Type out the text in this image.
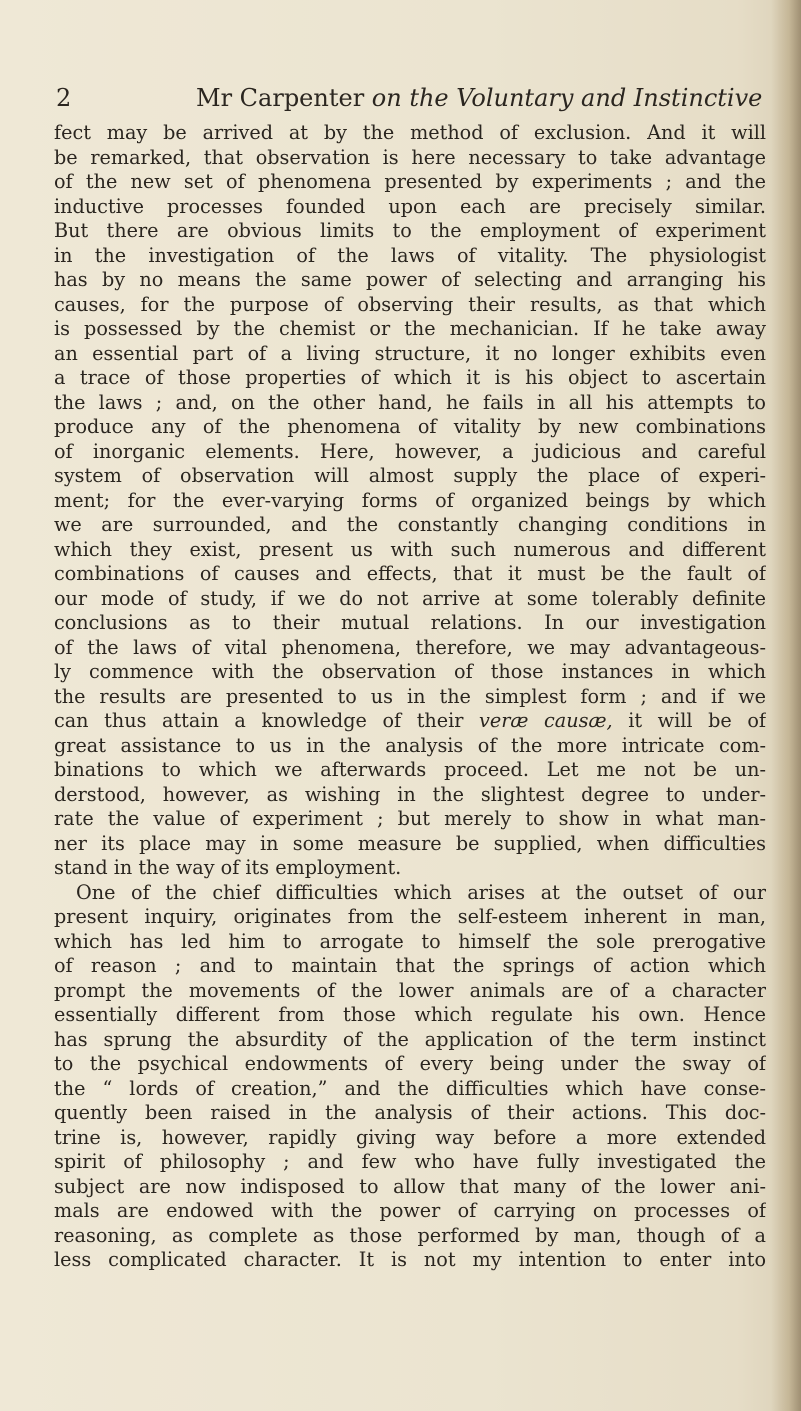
2	Mr Carpenter on the Voluntary and Instinctive
fect may be arrived at by the method of exclusion. And it will
be remarked, that observation is here necessary to take advantage
of the new set of phenomena presented by experiments ; and the
inductive processes founded upon each are precisely similar.
But there are obvious limits to the employment of experiment
in the investigation of the laws of vitality. The physiologist
has by no means the same power of selecting and arranging his
causes, for the purpose of observing their results, as that which
is possessed by the chemist or the mechanician. If he take away
an essential part of a living structure, it no longer exhibits even
a trace of those properties of which it is his object to ascertain
the laws ; and, on the other hand, he fails in all his attempts to
produce any of the phenomena of vitality by new combinations
of inorganic elements. Here, however, a judicious and careful
system of observation will almost supply the place of experi-
ment; for the ever-varying forms of organized beings by which
we are surrounded, and the constantly changing conditions in
which they exist, present us with such numerous and different
combinations of causes and effects, that it must be the fault of
our mode of study, if we do not arrive at some tolerably definite
conclusions as to their mutual relations. In our investigation
of the laws of vital phenomena, therefore, we may advantageous-
ly commence with the observation of those instances in which
the results are presented to us in the simplest form ; and if we
can thus attain a knowledge of their veræ causæ, it will be of
great assistance to us in the analysis of the more intricate com-
binations to which we afterwards proceed. Let me not be un-
derstood, however, as wishing in the slightest degree to under-
rate the value of experiment ; but merely to show in what man-
ner its place may in some measure be supplied, when difficulties
stand in the way of its employment.
One of the chief difficulties which arises at the outset of our
present inquiry, originates from the self-esteem inherent in man,
which has led him to arrogate to himself the sole prerogative
of reason ; and to maintain that the springs of action which
prompt the movements of the lower animals are of a character
essentially different from those which regulate his own. Hence
has sprung the absurdity of the application of the term instinct
to the psychical endowments of every being under the sway of
the “ lords of creation,” and the difficulties which have conse-
quently been raised in the analysis of their actions. This doc-
trine is, however, rapidly giving way before a more extended
spirit of philosophy ; and few who have fully investigated the
subject are now indisposed to allow that many of the lower ani-
mals are endowed with the power of carrying on processes of
reasoning, as complete as those performed by man, though of a
less complicated character. It is not my intention to enter into
